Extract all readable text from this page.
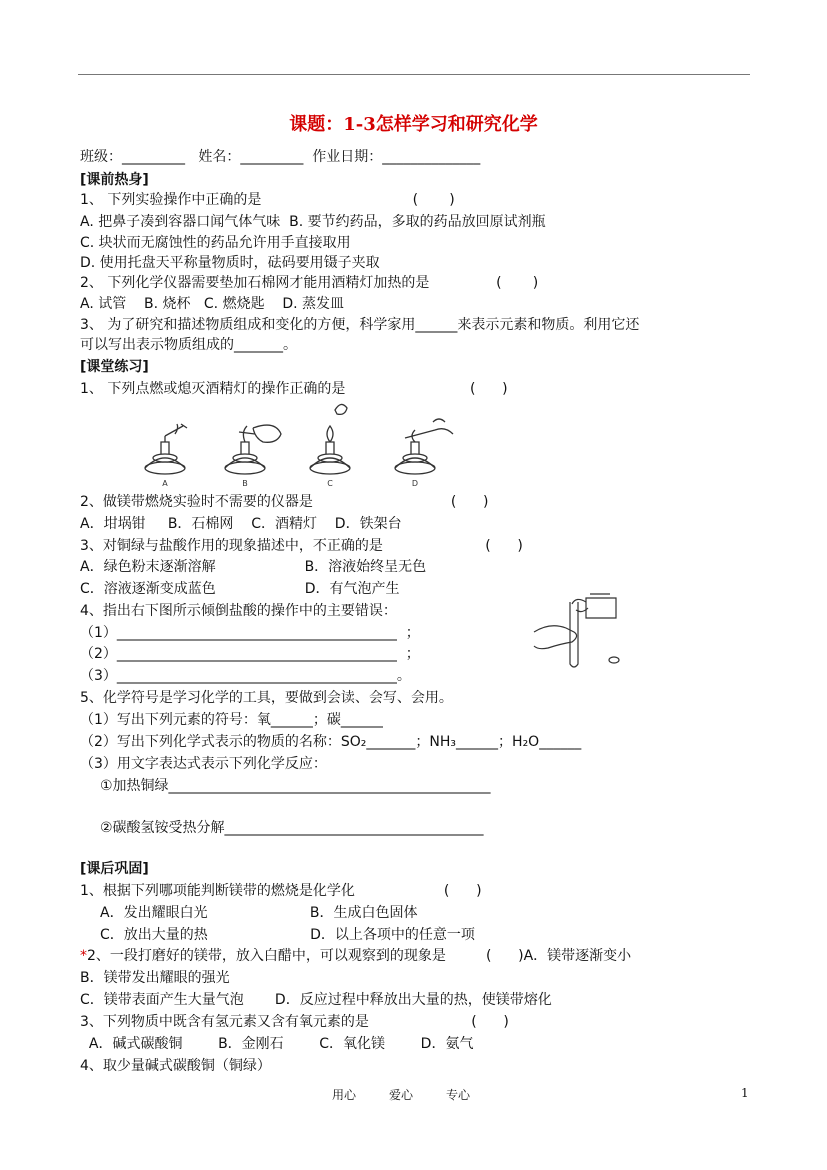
课题：1-3怎样学习和研究化学
班级：_________   姓名：_________  作业日期：______________
[课前热身]
1、 下列实验操作中正确的是                                  (       )
A. 把鼻子凑到容器口闻气体气味  B. 要节约药品，多取的药品放回原试剂瓶
C. 块状而无腐蚀性的药品允许用手直接取用
D. 使用托盘天平称量物质时，砝码要用镊子夹取
2、 下列化学仪器需要垫加石棉网才能用酒精灯加热的是               (       )
A. 试管    B. 烧杯   C. 燃烧匙    D. 蒸发皿
3、 为了研究和描述物质组成和变化的方便，科学家用______来表示元素和物质。利用它还
可以写出表示物质组成的_______。
[课堂练习]
1、 下列点燃或熄灭酒精灯的操作正确的是                            (      )
A	B	C	D
2、做镁带燃烧实验时不需要的仪器是                               (      )
A．坩埚钳     B．石棉网    C．酒精灯    D．铁架台
3、对铜绿与盐酸作用的现象描述中，不正确的是                       (      )
A．绿色粉末逐渐溶解                    B．溶液始终呈无色
C．溶液逐渐变成蓝色                    D．有气泡产生
4、指出右下图所示倾倒盐酸的操作中的主要错误：
（1）________________________________________  ；
（2）________________________________________  ；
（3）________________________________________。
5、化学符号是学习化学的工具，要做到会读、会写、会用。
（1）写出下列元素的符号：氧______；碳______
（2）写出下列化学式表示的物质的名称：SO₂_______；NH₃______；H₂O______
（3）用文字表达式表示下列化学反应：
①加热铜绿______________________________________________
②碳酸氢铵受热分解_____________________________________
[课后巩固]
1、根据下列哪项能判断镁带的燃烧是化学化                    (      )
A．发出耀眼白光                       B．生成白色固体
C．放出大量的热                       D．以上各项中的任意一项
*2、一段打磨好的镁带，放入白醋中，可以观察到的现象是         (      )A．镁带逐渐变小
B．镁带发出耀眼的强光
C．镁带表面产生大量气泡       D．反应过程中释放出大量的热，使镁带熔化
3、下列物质中既含有氢元素又含有氧元素的是                       (      )
A．碱式碳酸铜        B．金刚石        C．氧化镁        D．氨气
4、取少量碱式碳酸铜（铜绿）
用心	爱心	专心	1
